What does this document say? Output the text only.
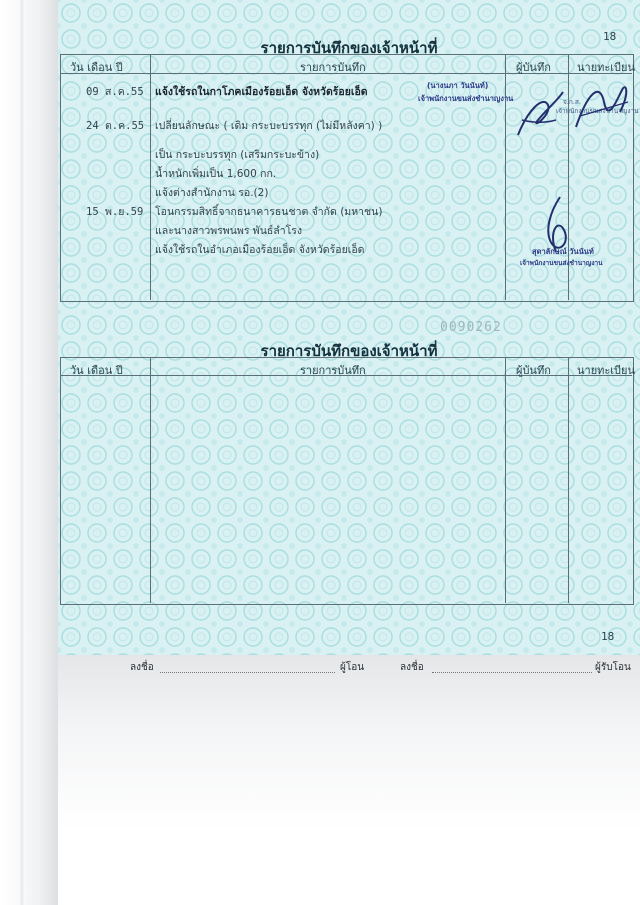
18
รายการบันทึกของเจ้าหน้าที่
วัน เดือน ปี	รายการบันทึก	ผู้บันทึก นายทะเบียน
09 ส.ค.55 แจ้งใช้รถในกาโภคเมืองร้อยเอ็ด จังหวัดร้อยเอ็ด
24 ต.ค.55 เปลี่ยนลักษณะ ( เดิม กระบะบรรทุก (ไม่มีหลังคา) )
เป็น กระบะบรรทุก (เสริมกระบะข้าง)
น้ำหนักเพิ่มเป็น 1,600 กก.
แจ้งต่างสำนักงาน รอ.(2)
15 พ.ย.59 โอนกรรมสิทธิ์จากธนาคารธนชาต จำกัด (มหาชน)
และนางสาวพรพนพร พันธ์ลำโรง
แจ้งใช้รถในอำเภอเมืองร้อยเอ็ด จังหวัดร้อยเอ็ด
(นางนภา วันนันท์)
เจ้าพนักงานขนส่งชำนาญงาน	จ.ก.ส.
เจ้าพนักงานขนส่งชำนาญงาน
สุดาลักษณ์ วันนันท์
เจ้าพนักงานขนส่งชำนาญงาน
0090262
รายการบันทึกของเจ้าหน้าที่
วัน เดือน ปี	รายการบันทึก	ผู้บันทึก นายทะเบียน
18
ลงชื่อ	ผู้โอน	ลงชื่อ	ผู้รับโอน
